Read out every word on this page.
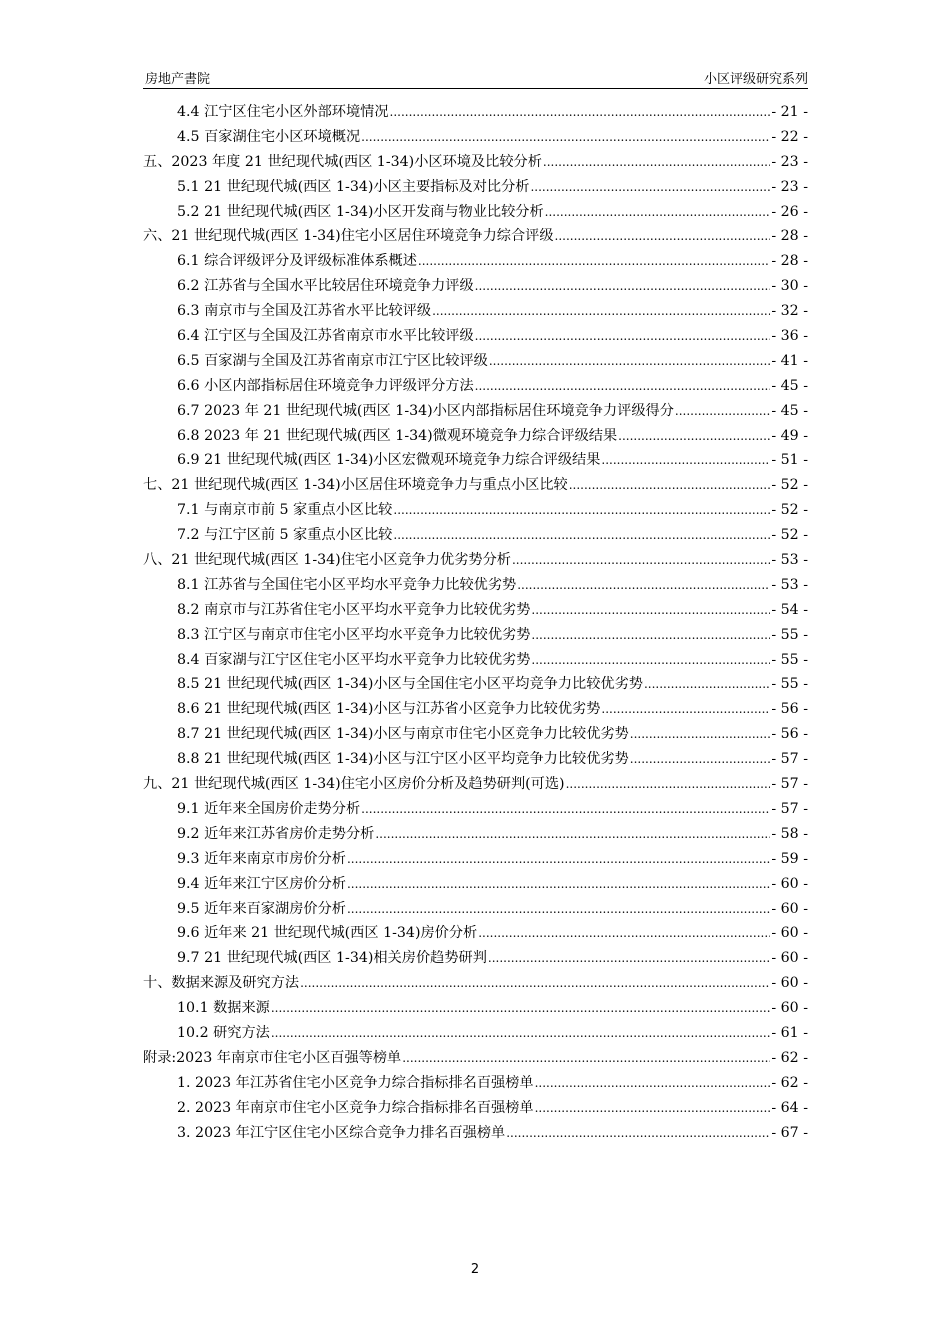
房地产書院	小区评级研究系列
4.4 江宁区住宅小区外部环境情况 .....	- 21 -
4.5 百家湖住宅小区环境概况 .....	- 22 -
五、2023 年度 21 世纪现代城(西区 1-34)小区环境及比较分析 .....	- 23 -
5.1 21 世纪现代城(西区 1-34)小区主要指标及对比分析 .....	- 23 -
5.2 21 世纪现代城(西区 1-34)小区开发商与物业比较分析 .....	- 26 -
六、21 世纪现代城(西区 1-34)住宅小区居住环境竞争力综合评级 .....	- 28 -
6.1 综合评级评分及评级标准体系概述 .....	- 28 -
6.2 江苏省与全国水平比较居住环境竞争力评级 .....	- 30 -
6.3 南京市与全国及江苏省水平比较评级 .....	- 32 -
6.4 江宁区与全国及江苏省南京市水平比较评级 .....	- 36 -
6.5 百家湖与全国及江苏省南京市江宁区比较评级 .....	- 41 -
6.6 小区内部指标居住环境竞争力评级评分方法 .....	- 45 -
6.7 2023 年 21 世纪现代城(西区 1-34)小区内部指标居住环境竞争力评级得分 .....	- 45 -
6.8 2023 年 21 世纪现代城(西区 1-34)微观环境竞争力综合评级结果 .....	- 49 -
6.9 21 世纪现代城(西区 1-34)小区宏微观环境竞争力综合评级结果 .....	- 51 -
七、21 世纪现代城(西区 1-34)小区居住环境竞争力与重点小区比较 .....	- 52 -
7.1 与南京市前 5 家重点小区比较 .....	- 52 -
7.2 与江宁区前 5 家重点小区比较 .....	- 52 -
八、21 世纪现代城(西区 1-34)住宅小区竞争力优劣势分析 .....	- 53 -
8.1 江苏省与全国住宅小区平均水平竞争力比较优劣势 .....	- 53 -
8.2 南京市与江苏省住宅小区平均水平竞争力比较优劣势 .....	- 54 -
8.3 江宁区与南京市住宅小区平均水平竞争力比较优劣势 .....	- 55 -
8.4 百家湖与江宁区住宅小区平均水平竞争力比较优劣势 .....	- 55 -
8.5 21 世纪现代城(西区 1-34)小区与全国住宅小区平均竞争力比较优劣势 .....	- 55 -
8.6 21 世纪现代城(西区 1-34)小区与江苏省小区竞争力比较优劣势 .....	- 56 -
8.7 21 世纪现代城(西区 1-34)小区与南京市住宅小区竞争力比较优劣势 .....	- 56 -
8.8 21 世纪现代城(西区 1-34)小区与江宁区小区平均竞争力比较优劣势 .....	- 57 -
九、21 世纪现代城(西区 1-34)住宅小区房价分析及趋势研判(可选) .....	- 57 -
9.1 近年来全国房价走势分析 .....	- 57 -
9.2 近年来江苏省房价走势分析 .....	- 58 -
9.3 近年来南京市房价分析 .....	- 59 -
9.4 近年来江宁区房价分析 .....	- 60 -
9.5 近年来百家湖房价分析 .....	- 60 -
9.6 近年来 21 世纪现代城(西区 1-34)房价分析 .....	- 60 -
9.7 21 世纪现代城(西区 1-34)相关房价趋势研判 .....	- 60 -
十、数据来源及研究方法 .....	- 60 -
10.1 数据来源 .....	- 60 -
10.2 研究方法 .....	- 61 -
附录:2023 年南京市住宅小区百强等榜单 .....	- 62 -
1. 2023 年江苏省住宅小区竞争力综合指标排名百强榜单 .....	- 62 -
2. 2023 年南京市住宅小区竞争力综合指标排名百强榜单 .....	- 64 -
3. 2023 年江宁区住宅小区综合竞争力排名百强榜单 .....	- 67 -
2
